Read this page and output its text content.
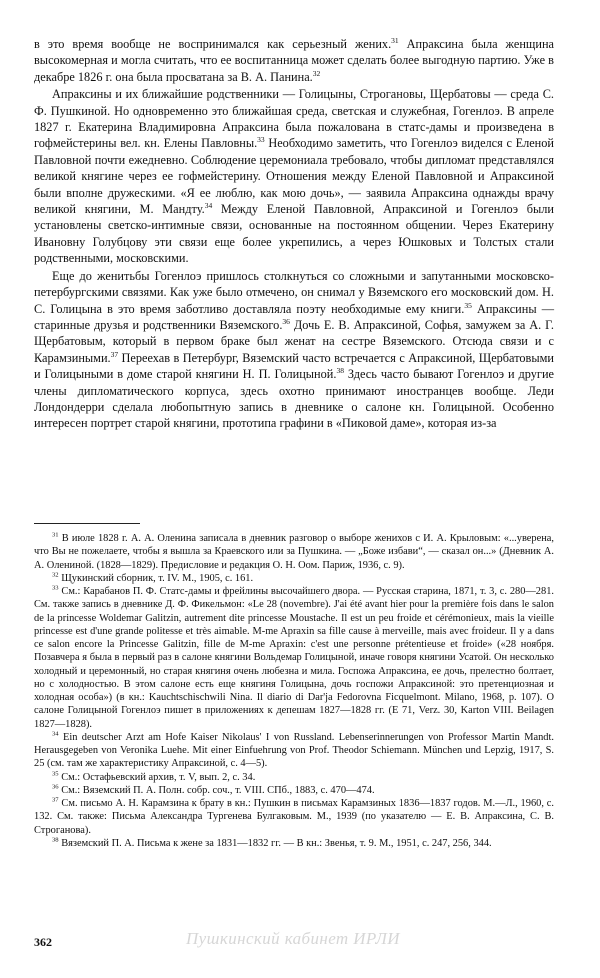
в это время вообще не воспринимался как серьезный жених.$^{31}$ Апраксина была женщина высокомерная и могла считать, что ее воспитанница может сделать более выгодную партию. Уже в декабре 1826 г. она была просватана за В. А. Панина.$^{32}$

Апраксины и их ближайшие родственники — Голицыны, Строгановы, Щербатовы — среда С. Ф. Пушкиной. Но одновременно это ближайшая среда, светская и служебная, Гогенлоэ. В апреле 1827 г. Екатерина Владимировна Апраксина была пожалована в статс-дамы и произведена в гофмейстерины вел. кн. Елены Павловны.$^{33}$ Необходимо заметить, что Гогенлоэ виделся с Еленой Павловной почти ежедневно. Соблюдение церемониала требовало, чтобы дипломат представлялся великой княгине через ее гофмейстерину. Отношения между Еленой Павловной и Апраксиной были вполне дружескими. «Я ее люблю, как мою дочь», — заявила Апраксина однажды врачу великой княгини, М. Мандту.$^{34}$ Между Еленой Павловной, Апраксиной и Гогенлоэ были установлены светско-интимные связи, основанные на постоянном общении. Через Екатерину Ивановну Голубцову эти связи еще более укрепились, а через Юшковых и Толстых стали родственными, московскими.

Еще до женитьбы Гогенлоэ пришлось столкнуться со сложными и запутанными московско-петербургскими связями. Как уже было отмечено, он снимал у Вяземского его московский дом. Н. С. Голицына в это время заботливо доставляла поэту необходимые ему книги.$^{35}$ Апраксины — старинные друзья и родственники Вяземского.$^{36}$ Дочь Е. В. Апраксиной, Софья, замужем за А. Г. Щербатовым, который в первом браке был женат на сестре Вяземского. Отсюда связи и с Карамзиными.$^{37}$ Переехав в Петербург, Вяземский часто встречается с Апраксиной, Щербатовыми и Голицыными в доме старой княгини Н. П. Голицыной.$^{38}$ Здесь часто бывают Гогенлоэ и другие члены дипломатического корпуса, здесь охотно принимают иностранцев вообще. Леди Лондондерри сделала любопытную запись в дневнике о салоне кн. Голицыной. Особенно интересен портрет старой княгини, прототипа графини в «Пиковой даме», которая из-за

$^{31}$ В июле 1828 г. А. А. Оленина записала в дневник разговор о выборе женихов с И. А. Крыловым: «...уверена, что Вы не пожелаете, чтобы я вышла за Краевского или за Пушкина. — „Боже избави“, — сказал он...» (Дневник А. А. Олениной. (1828—1829). Предисловие и редакция О. Н. Оом. Париж, 1936, с. 9).

$^{32}$ Щукинский сборник, т. IV. М., 1905, с. 161.

$^{33}$ См.: Карабанов П. Ф. Статс-дамы и фрейлины высочайшего двора. — Русская старина, 1871, т. 3, с. 280—281. См. также запись в дневнике Д. Ф. Фикельмон: «Le 28 (novembre). J'ai été avant hier pour la première fois dans le salon de la princesse Woldemar Galitzin, autrement dite princesse Moustache. Il est un peu froide et cérémonieux, mais la vieille princesse est d'une grande politesse et très aimable. M-me Apraxin sa fille cause à merveille, mais avec froideur. Il y a dans ce salon encore la Princesse Galitzin, fille de M-me Apraxin: c'est une personne prétentieuse et froide» («28 ноября. Позавчера я была в первый раз в салоне княгини Вольдемар Голицыной, иначе говоря княгини Усатой. Он несколько холодный и церемонный, но старая княгиня очень любезна и мила. Госпожа Апраксина, ее дочь, прелестно болтает, но с холодностью. В этом салоне есть еще княгиня Голицына, дочь госпожи Апраксиной: это претенциозная и холодная особа») (в кн.: Kauchtschischwili Nina. Il diario di Dar'ja Fedorovna Ficquelmont. Milano, 1968, p. 107). О салоне Голицыной Гогенлоэ пишет в приложениях к депешам 1827—1828 гг. (Е 71, Verz. 30, Karton VIII. Beilagen 1827—1828).

$^{34}$ Ein deutscher Arzt am Hofe Kaiser Nikolaus' I von Russland. Lebenserinnerungen von Professor Martin Mandt. Herausgegeben von Veronika Luehe. Mit einer Einfuehrung von Prof. Theodor Schiemann. München und Lepzig, 1917, S. 25 (см. там же характеристику Апраксиной, с. 4—5).

$^{35}$ См.: Остафьевский архив, т. V, вып. 2, с. 34.

$^{36}$ См.: Вяземский П. А. Полн. собр. соч., т. VIII. СПб., 1883, с. 470—474.

$^{37}$ См. письмо А. Н. Карамзина к брату в кн.: Пушкин в письмах Карамзиных 1836—1837 годов. М.—Л., 1960, с. 132. См. также: Письма Александра Тургенева Булгаковым. М., 1939 (по указателю — Е. В. Апраксина, С. В. Строганова).

$^{38}$ Вяземский П. А. Письма к жене за 1831—1832 гг. — В кн.: Звенья, т. 9. М., 1951, с. 247, 256, 344.

362	Пушкинский кабинет ИРЛИ
